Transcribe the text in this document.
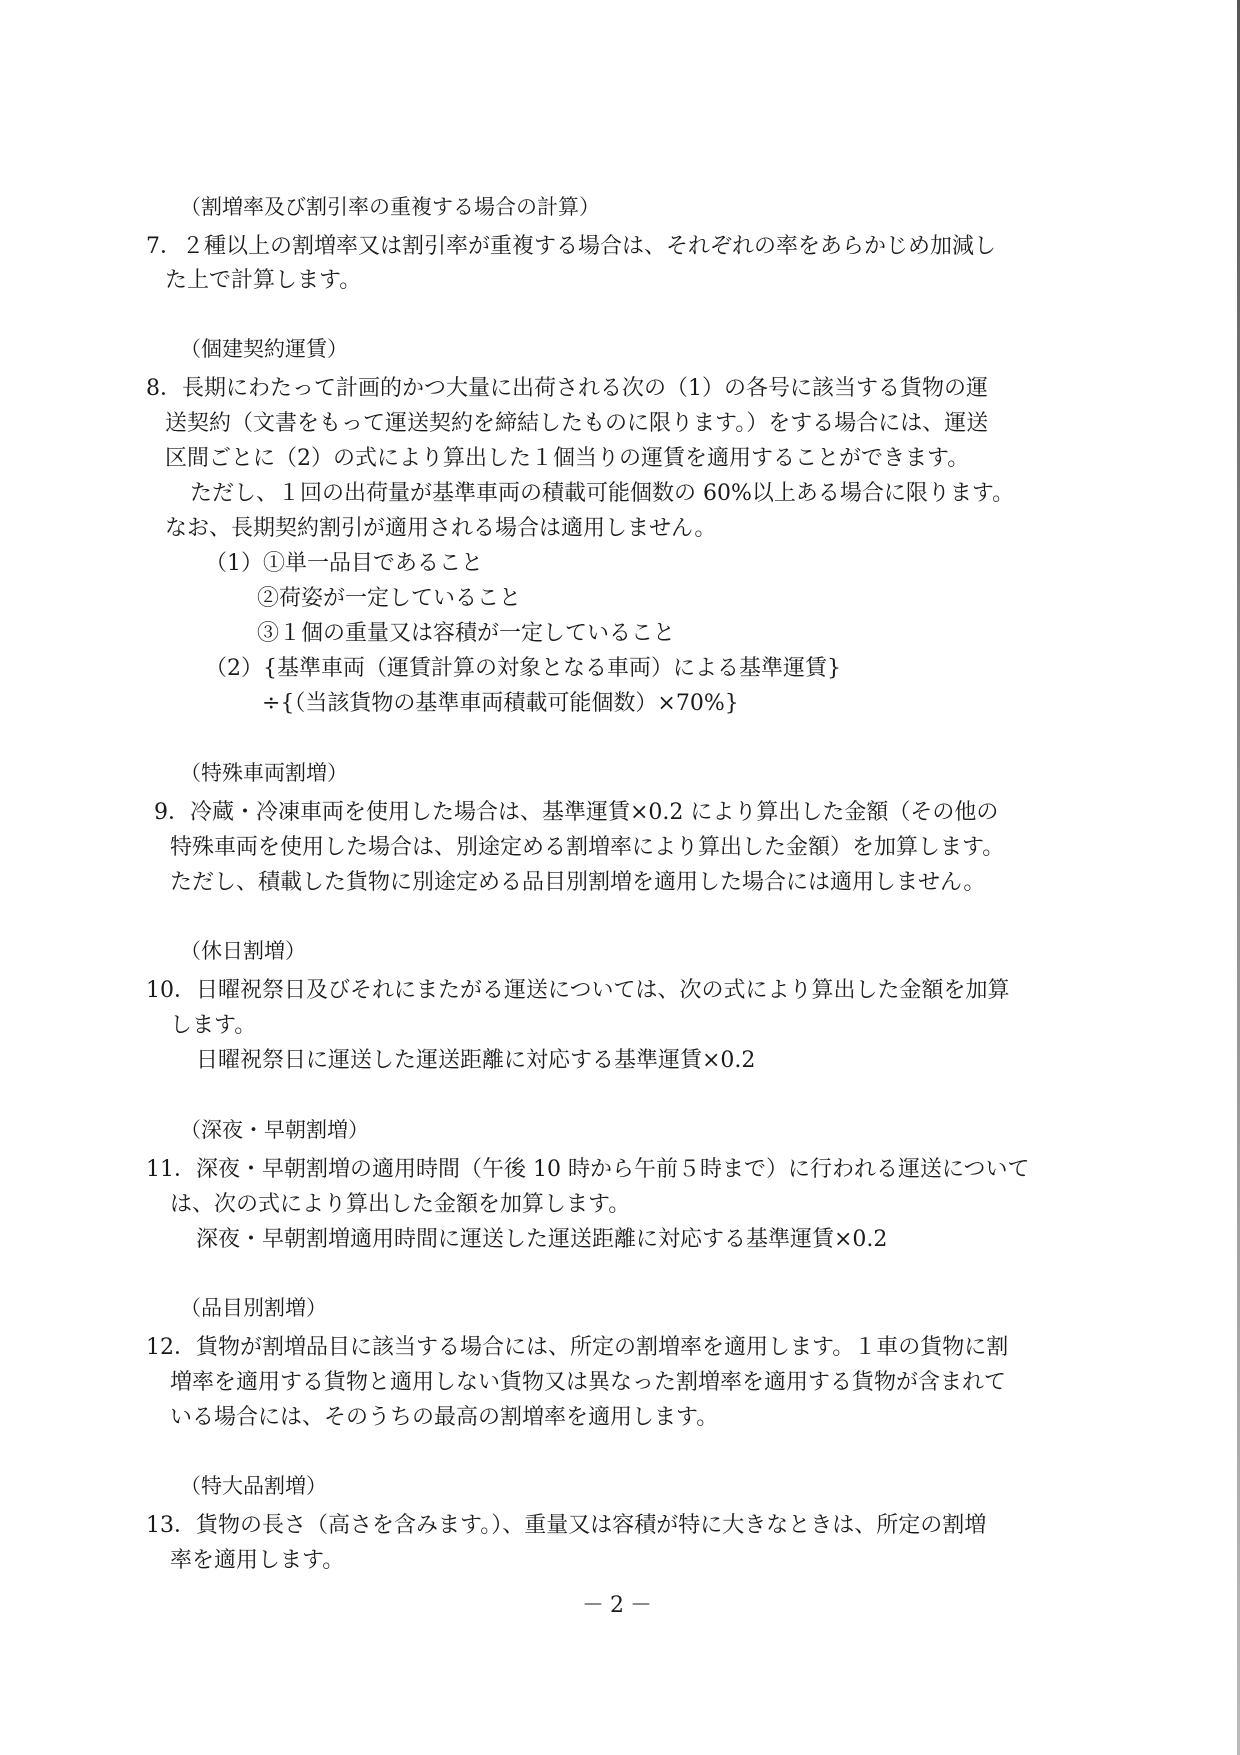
（割増率及び割引率の重複する場合の計算）
7．２種以上の割増率又は割引率が重複する場合は、それぞれの率をあらかじめ加減し
た上で計算します。
（個建契約運賃）
8．長期にわたって計画的かつ大量に出荷される次の（1）の各号に該当する貨物の運
送契約（文書をもって運送契約を締結したものに限ります。）をする場合には、運送
区間ごとに（2）の式により算出した１個当りの運賃を適用することができます。
ただし、１回の出荷量が基準車両の積載可能個数の 60%以上ある場合に限ります。
なお、長期契約割引が適用される場合は適用しません。
（1）①単一品目であること
②荷姿が一定していること
③１個の重量又は容積が一定していること
（2）{基準車両（運賃計算の対象となる車両）による基準運賃}
÷{（当該貨物の基準車両積載可能個数）×70%}
（特殊車両割増）
9．冷蔵・冷凍車両を使用した場合は、基準運賃×0.2 により算出した金額（その他の
特殊車両を使用した場合は、別途定める割増率により算出した金額）を加算します。
ただし、積載した貨物に別途定める品目別割増を適用した場合には適用しません。
（休日割増）
10．日曜祝祭日及びそれにまたがる運送については、次の式により算出した金額を加算
します。
日曜祝祭日に運送した運送距離に対応する基準運賃×0.2
（深夜・早朝割増）
11．深夜・早朝割増の適用時間（午後 10 時から午前５時まで）に行われる運送について
は、次の式により算出した金額を加算します。
深夜・早朝割増適用時間に運送した運送距離に対応する基準運賃×0.2
（品目別割増）
12．貨物が割増品目に該当する場合には、所定の割増率を適用します。１車の貨物に割
増率を適用する貨物と適用しない貨物又は異なった割増率を適用する貨物が含まれて
いる場合には、そのうちの最高の割増率を適用します。
（特大品割増）
13．貨物の長さ（高さを含みます。）、重量又は容積が特に大きなときは、所定の割増
率を適用します。
－2－
